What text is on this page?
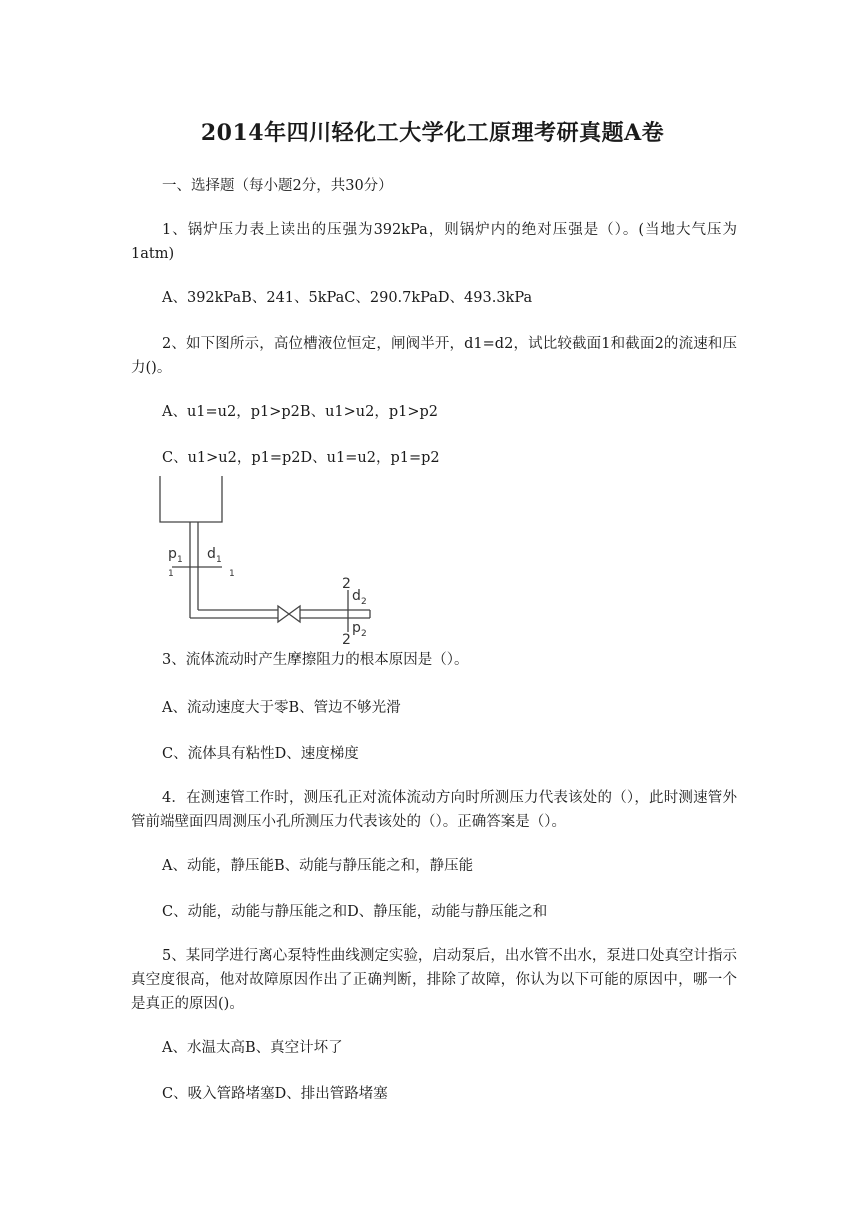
2014年四川轻化工大学化工原理考研真题A卷

一、选择题（每小题2分，共30分）

1、锅炉压力表上读出的压强为392kPa，则锅炉内的绝对压强是（）。(当地大气压为1atm)

A、392kPaB、241、5kPaC、290.7kPaD、493.3kPa

2、如下图所示，高位槽液位恒定，闸阀半开，d1=d2，试比较截面1和截面2的流速和压力()。

A、u1=u2，p1>p2B、u1>u2，p1>p2

C、u1>u2，p1=p2D、u1=u2，p1=p2

p 1 d 1
1	1
2
d 2
p 2
2

3、流体流动时产生摩擦阻力的根本原因是（）。

A、流动速度大于零B、管边不够光滑

C、流体具有粘性D、速度梯度

4．在测速管工作时，测压孔正对流体流动方向时所测压力代表该处的（），此时测速管外管前端壁面四周测压小孔所测压力代表该处的（）。正确答案是（）。

A、动能，静压能B、动能与静压能之和，静压能

C、动能，动能与静压能之和D、静压能，动能与静压能之和

5、某同学进行离心泵特性曲线测定实验，启动泵后，出水管不出水，泵进口处真空计指示真空度很高，他对故障原因作出了正确判断，排除了故障，你认为以下可能的原因中，哪一个是真正的原因()。

A、水温太高B、真空计坏了

C、吸入管路堵塞D、排出管路堵塞
